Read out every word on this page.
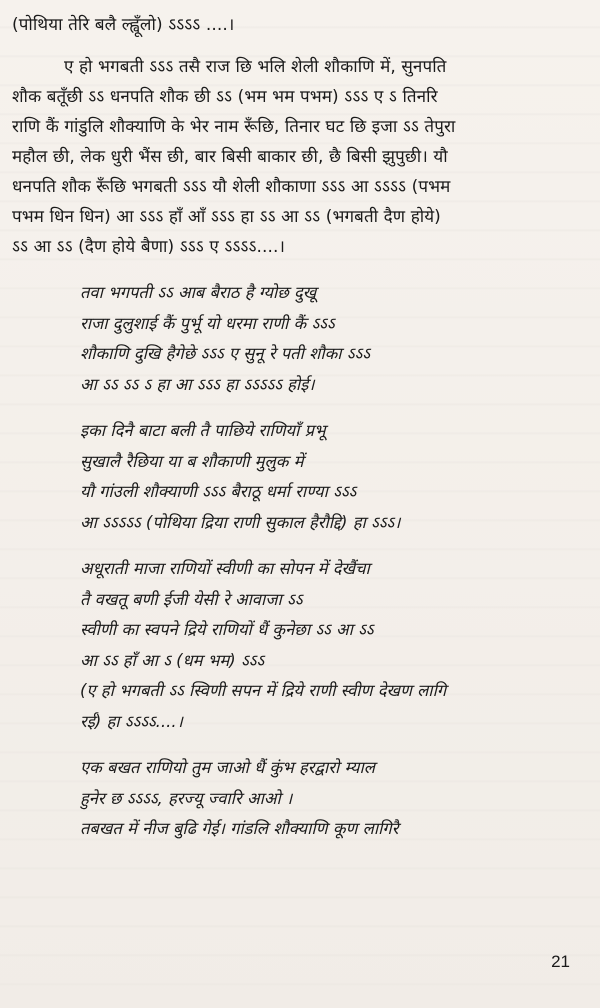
(पोथिया तेरि बलै ल्ह्वूँलो) ऽऽऽऽ ....।
ए हो भगबती ऽऽऽ तसै राज छि भलि शेली शौकाणि में, सुनपति
शौक बतूँछी ऽऽ धनपति शौक छी ऽऽ (भम भम पभम) ऽऽऽ ए ऽ तिनरि
राणि कैं गांडुलि शौक्याणि के भेर नाम रूँछि, तिनार घट छि इजा ऽऽ तेपुरा
महौल छी, लेक धुरी भैंस छी, बार बिसी बाकार छी, छै बिसी झुपुछी। यौ
धनपति शौक रूँछि भगबती ऽऽऽ यौ शेली शौकाणा ऽऽऽ आ ऽऽऽऽ (पभम
पभम धिन धिन) आ ऽऽऽ हाँ आँ ऽऽऽ हा ऽऽ आ ऽऽ (भगबती दैण होये)
ऽऽ आ ऽऽ (दैण होये बैणा) ऽऽऽ ए ऽऽऽऽ....।
तवा भगपती ऽऽ आब बैराठ है ग्योछ दुखू
राजा दुलुशाई कैं पुर्भू यो धरमा राणी कैं ऽऽऽ
शौकाणि दुखि हैगेछे ऽऽऽ ए सुनू रे पती शौका ऽऽऽ
आ ऽऽ ऽऽ ऽ हा आ ऽऽऽ हा ऽऽऽऽऽ होई।
इका दिनै बाटा बली तै पाछिये राणियाँ प्रभू
सुखालै रैछिया या ब शौकाणी मुलुक में
यौ गांउली शौक्याणी ऽऽऽ बैराठू धर्मा राण्या ऽऽऽ
आ ऽऽऽऽऽ (पोथिया द्रिया राणी सुकाल हैरौद्दि) हा ऽऽऽ।
अधूराती माजा राणियों स्वीणी का सोपन में देखैंचा
तै वखतू बणी ईजी येसी रे आवाजा ऽऽ
स्वीणी का स्वपने द्रिये राणियों धैं कुनेछा ऽऽ आ ऽऽ
आ ऽऽ हाँ आ ऽ (धम भम) ऽऽऽ
(ए हो भगबती ऽऽ स्विणी सपन में द्रिये राणी स्वीण देखण लागि
रई) हा ऽऽऽऽ....।
एक बखत राणियो तुम जाओ धैं कुंभ हरद्वारो म्याल
हुनेर छ ऽऽऽऽ, हरज्यू ज्वारि आओ ।
तबखत में नीज बुढि गेई। गांडलि शौक्याणि कूण लागिरै
21
